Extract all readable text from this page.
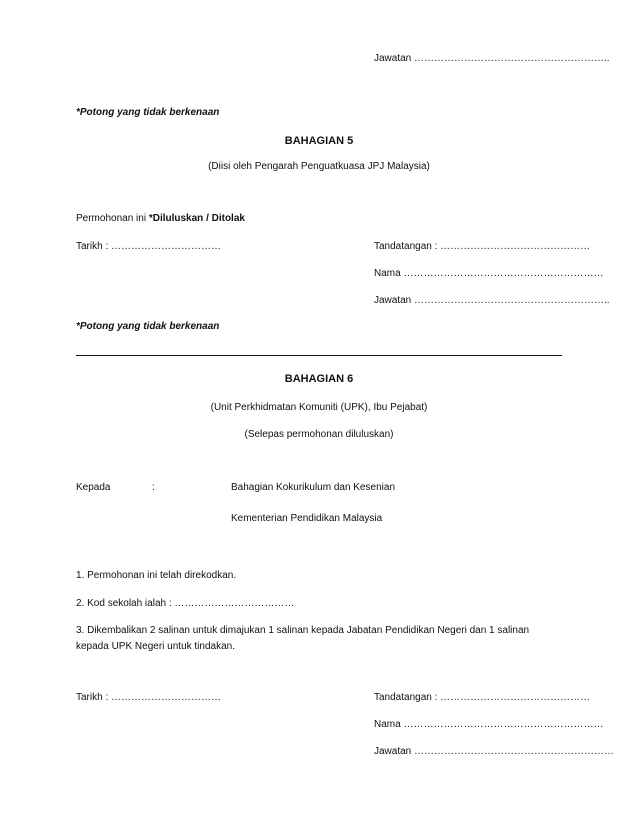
Jawatan …………………………………………………..
*Potong yang tidak berkenaan
BAHAGIAN 5
(Diisi oleh Pengarah Penguatkuasa JPJ Malaysia)
Permohonan ini *Diluluskan / Ditolak
Tarikh : ……………………………	Tandatangan : ………………………………………
Nama ……………………………………………………
Jawatan …………………………………………………..
*Potong yang tidak berkenaan
BAHAGIAN 6
(Unit Perkhidmatan Komuniti (UPK), Ibu Pejabat)
(Selepas permohonan diluluskan)
Kepada	:	Bahagian Kokurikulum dan Kesenian
Kementerian Pendidikan Malaysia
1. Permohonan ini telah direkodkan.
2. Kod sekolah ialah : ………………………………
3. Dikembalikan 2 salinan untuk dimajukan 1 salinan kepada Jabatan Pendidikan Negeri dan 1 salinan
kepada UPK Negeri untuk tindakan.
Tarikh : ……………………………	Tandatangan : ………………………………………
Nama ……………………………………………………
Jawatan ……………………………………………………
